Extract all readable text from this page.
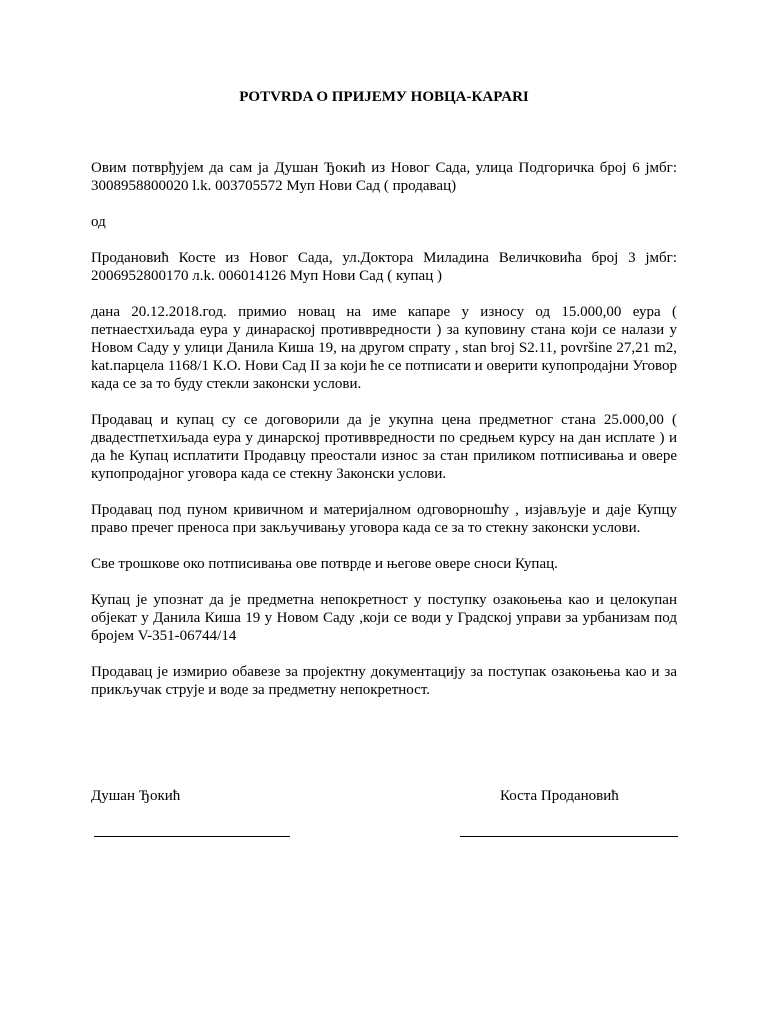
POTVRDA О ПРИЈЕМУ НОВЦА-КАPARI

Овим потврђујем да сам ја Душан Ђокић из Новог Сада, улица Подгоричка број 6 јмбг: 3008958800020 l.k. 003705572 Муп Нови Сад ( продавац)

од

Продановић Косте из Новог Сада, ул.Доктора Миладина Величковића број 3 јмбг: 2006952800170 л.k. 006014126 Муп Нови Сад ( купац )

дана 20.12.2018.год. примио новац на име капаре у износу од 15.000,00 еура ( петнаестхиљадa еура у динараској противвредности ) за куповину стана који се налази у Новом Саду у улици Данила Киша 19, на другом спрату , stan broj S2.11, površine 27,21 m2, kat.парцела 1168/1 К.О. Нови Сад II за који ће се потписати и оверити купопродајни Уговор када се за то буду стекли законски услови.

Продавац и купац су се договорили да је укупна цена предметног стана 25.000,00 ( двадестпетхиљада еура у динарској противвредности по средњем курсу на дан исплате ) и да ће Купац исплатити Продавцу преостали износ за стан приликом потписивања и овере купопродајног уговора када се стекну Законски услови.

Продавац под пуном кривичном и материјалном одговорношћу , изјављује и даје Купцу право пречег преноса при закључивању уговора када се за то стекну законски услови.

Све трошкове око потписивања ове потврде и његове овере сноси Купац.

Купац је упознат да је предметна непокретност у поступку озакоњења као и целокупан објекат у Данила Киша 19 у Новом Саду ,који се води у Градској управи за урбанизам под бројем V-351-06744/14

Продавац је измирио обавезе за пројектну документацију за поступак озакоњења као и за прикључак струје и воде за предметну непокретност.

Душан Ђокић	Коста Продановић
